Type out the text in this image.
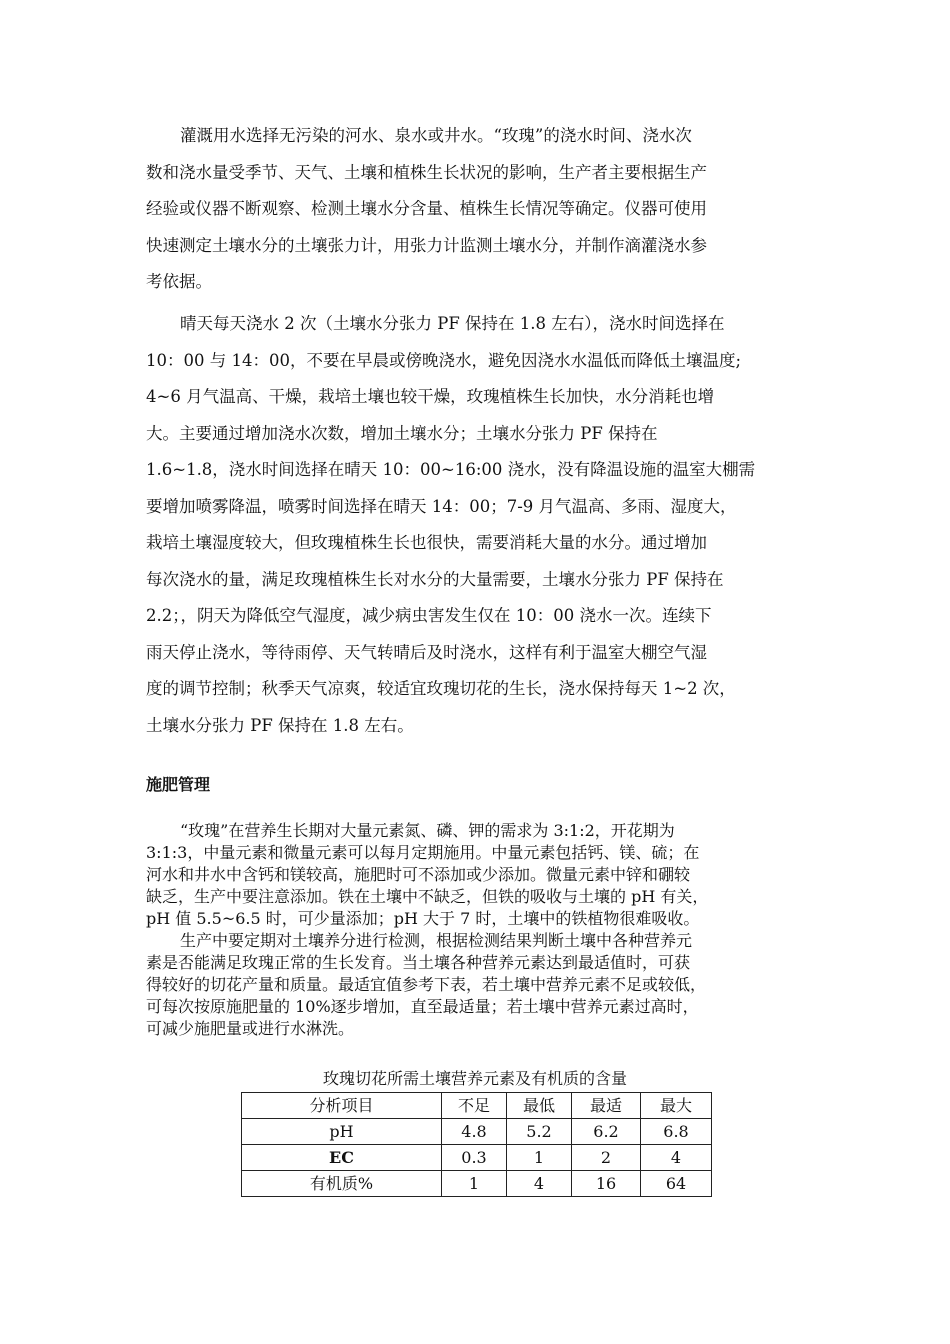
灌溉用水选择无污染的河水、泉水或井水。“玫瑰”的浇水时间、浇水次
数和浇水量受季节、天气、土壤和植株生长状况的影响，生产者主要根据生产
经验或仪器不断观察、检测土壤水分含量、植株生长情况等确定。仪器可使用
快速测定土壤水分的土壤张力计，用张力计监测土壤水分，并制作滴灌浇水参
考依据。
晴天每天浇水 2 次（土壤水分张力 PF 保持在 1.8 左右），浇水时间选择在
10：00 与 14：00，不要在早晨或傍晚浇水，避免因浇水水温低而降低土壤温度;
4~6 月气温高、干燥，栽培土壤也较干燥，玫瑰植株生长加快，水分消耗也增
大。主要通过增加浇水次数，增加土壤水分；土壤水分张力 PF 保持在
1.6~1.8，浇水时间选择在晴天 10：00~16:00 浇水，没有降温设施的温室大棚需
要增加喷雾降温，喷雾时间选择在晴天 14：00；7-9 月气温高、多雨、湿度大，
栽培土壤湿度较大，但玫瑰植株生长也很快，需要消耗大量的水分。通过增加
每次浇水的量，满足玫瑰植株生长对水分的大量需要，土壤水分张力 PF 保持在
2.2；，阴天为降低空气湿度，减少病虫害发生仅在 10：00 浇水一次。连续下
雨天停止浇水，等待雨停、天气转晴后及时浇水，这样有利于温室大棚空气湿
度的调节控制；秋季天气凉爽，较适宜玫瑰切花的生长，浇水保持每天 1~2 次，
土壤水分张力 PF 保持在 1.8 左右。
施肥管理
“玫瑰”在营养生长期对大量元素氮、磷、钾的需求为 3:1:2，开花期为
3:1:3，中量元素和微量元素可以每月定期施用。中量元素包括钙、镁、硫；在
河水和井水中含钙和镁较高，施肥时可不添加或少添加。微量元素中锌和硼较
缺乏，生产中要注意添加。铁在土壤中不缺乏，但铁的吸收与土壤的 pH 有关，
pH 值 5.5~6.5 时，可少量添加；pH 大于 7 时，土壤中的铁植物很难吸收。
生产中要定期对土壤养分进行检测，根据检测结果判断土壤中各种营养元
素是否能满足玫瑰正常的生长发育。当土壤各种营养元素达到最适值时，可获
得较好的切花产量和质量。最适宜值参考下表，若土壤中营养元素不足或较低，
可每次按原施肥量的 10%逐步增加，直至最适量；若土壤中营养元素过高时，
可减少施肥量或进行水淋洗。
玫瑰切花所需土壤营养元素及有机质的含量
分析项目	不足	最低	最适	最大
pH	4.8	5.2	6.2	6.8
EC	0.3	1	2	4
有机质%	1	4	16	64
